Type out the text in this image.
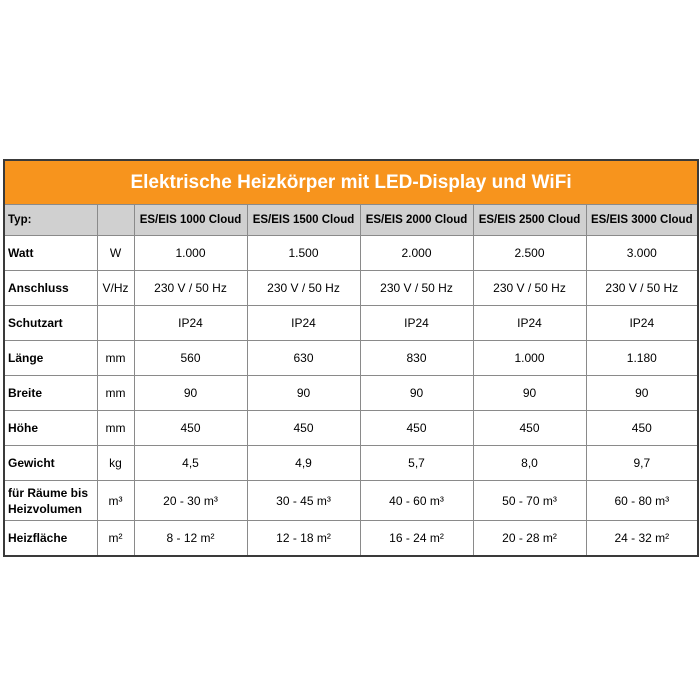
Elektrische Heizkörper mit LED-Display und WiFi						
Typ:		ES/EIS 1000 Cloud	ES/EIS 1500 Cloud	ES/EIS 2000 Cloud	ES/EIS 2500 Cloud	ES/EIS 3000 Cloud
Watt	W	1.000	1.500	2.000	2.500	3.000
Anschluss	V/Hz	230 V / 50 Hz	230 V / 50 Hz	230 V / 50 Hz	230 V / 50 Hz	230 V / 50 Hz
Schutzart		IP24	IP24	IP24	IP24	IP24
Länge	mm	560	630	830	1.000	1.180
Breite	mm	90	90	90	90	90
Höhe	mm	450	450	450	450	450
Gewicht	kg	4,5	4,9	5,7	8,0	9,7
für Räume bis Heizvolumen	m³	20 - 30 m³	30 - 45 m³	40 - 60 m³	50 - 70 m³	60 - 80 m³
Heizfläche	m²	8 - 12 m²	12 - 18 m²	16 - 24 m²	20 - 28 m²	24 - 32 m²
